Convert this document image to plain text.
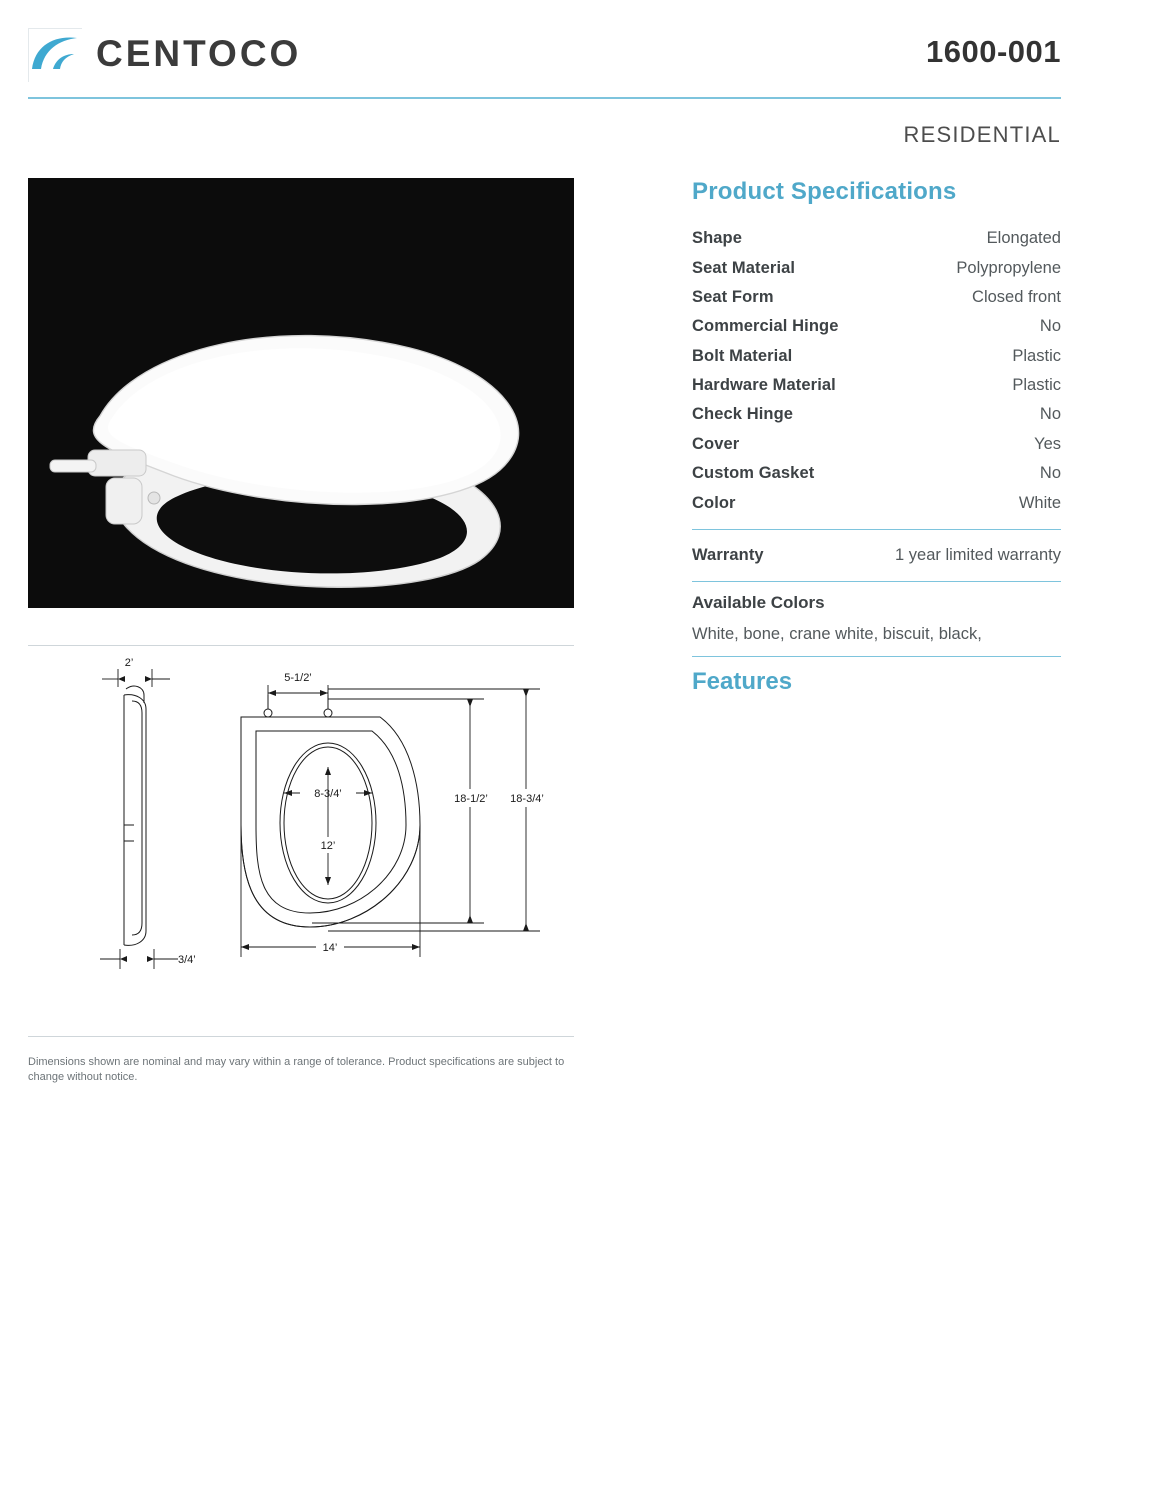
CENTOCO	1600-001
RESIDENTIAL
2’
3/4’
5-1/2’
8-3/4’
12’
18-1/2’ 18-3/4’
14’
Dimensions shown are nominal and may vary within a range of tolerance. Product specifications are subject to change without notice.
Product Specifications
Shape	Elongated
Seat Material	Polypropylene
Seat Form	Closed front
Commercial Hinge	No
Bolt Material	Plastic
Hardware Material	Plastic
Check Hinge	No
Cover	Yes
Custom Gasket	No
Color	White
Warranty	1 year limited warranty
Available Colors
White, bone, crane white, biscuit, black,
Features
